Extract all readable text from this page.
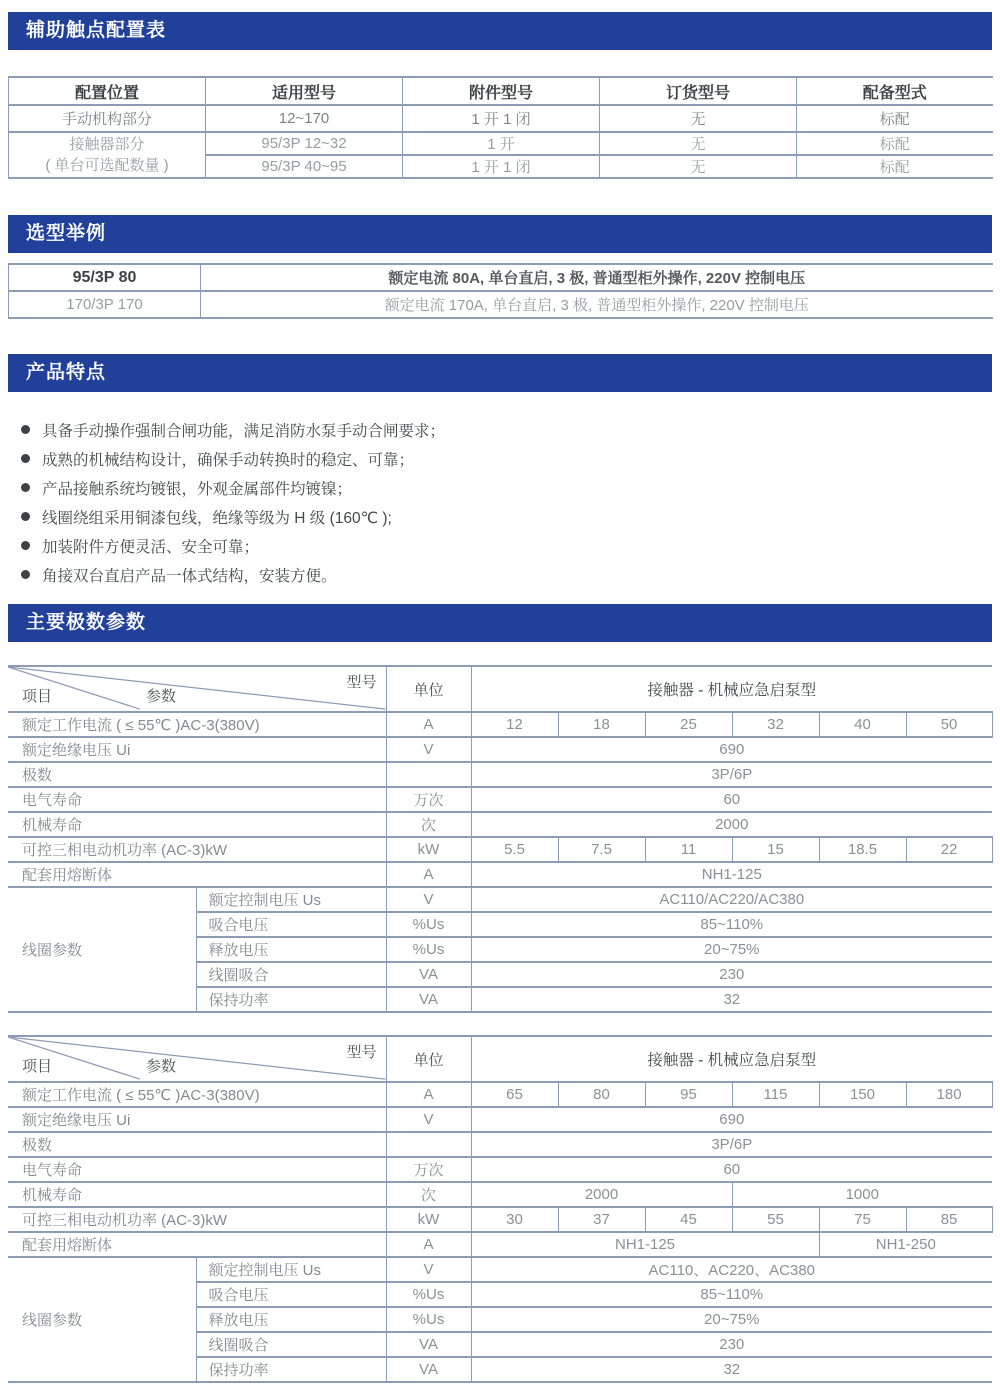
辅助触点配置表
配置位置	适用型号	附件型号	订货型号	配备型式
手动机构部分	12~170	1 开 1 闭	无	标配

接触器部分
( 单台可选配数量 )	95/3P 12~32	1 开	无	标配
	95/3P 40~95	1 开 1 闭	无	标配
选型举例
95/3P 80	额定电流 80A, 单台直启, 3 极, 普通型柜外操作, 220V 控制电压
170/3P 170	额定电流 170A, 单台直启, 3 极, 普通型柜外操作, 220V 控制电压
产品特点
具备手动操作强制合闸功能，满足消防水泵手动合闸要求；
成熟的机械结构设计，确保手动转换时的稳定、可靠；
产品接触系统均镀银，外观金属部件均镀镍；
线圈绕组采用铜漆包线，绝缘等级为 H 级 (160℃ );
加装附件方便灵活、安全可靠；
角接双台直启产品一体式结构，安装方便。
主要极数参数
型号
项目 参数		单位	接触器 - 机械应急启泵型					
额定工作电流 ( ≤ 55℃ )AC-3(380V)		A	12	18	25	32	40	50
额定绝缘电压 Ui		V	690					
极数			3P/6P					
电气寿命		万次	60					
机械寿命		次	2000					
可控三相电动机功率 (AC-3)kW		kW	5.5	7.5	11	15	18.5	22
配套用熔断体		A	NH1-125					
线圈参数	额定控制电压 Us	V	AC110/AC220/AC380					
	吸合电压	%Us	85~110%					
	释放电压	%Us	20~75%					
	线圈吸合	VA	230					
	保持功率	VA	32					
型号
项目 参数		单位	接触器 - 机械应急启泵型					
额定工作电流 ( ≤ 55℃ )AC-3(380V)		A	65	80	95	115	150	180
额定绝缘电压 Ui		V	690					
极数			3P/6P					
电气寿命		万次	60					
机械寿命		次	2000			1000		
可控三相电动机功率 (AC-3)kW		kW	30	37	45	55	75	85
配套用熔断体		A	NH1-125				NH1-250	
线圈参数	额定控制电压 Us	V	AC110、AC220、AC380					
	吸合电压	%Us	85~110%					
	释放电压	%Us	20~75%					
	线圈吸合	VA	230					
	保持功率	VA	32					
